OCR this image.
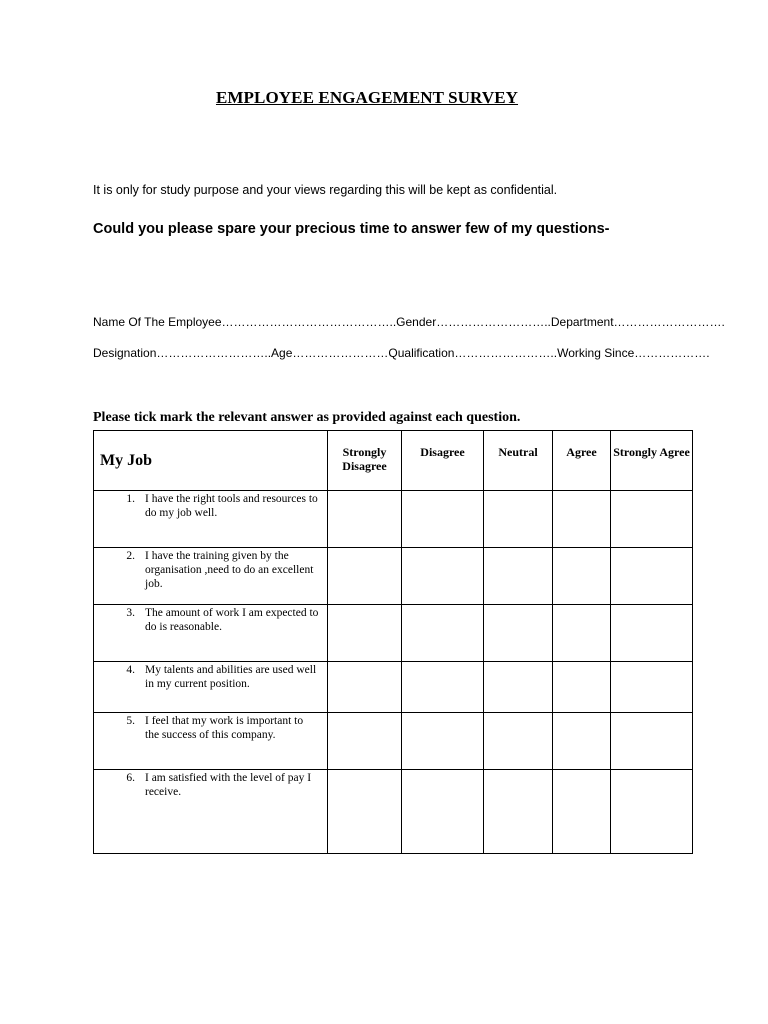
EMPLOYEE ENGAGEMENT SURVEY
It is only for study purpose and your views regarding this will be kept as confidential.
Could you please spare your precious time to answer few of my questions-
Name Of The Employee……………………………………..Gender………………………..Department……………………….
Designation………………………..Age……………………Qualification……………………..Working Since……………….
Please tick mark the relevant answer as provided against each question.
My Job	Strongly Disagree	Disagree	Neutral	Agree	Strongly Agree

1. I have the right tools and resources to do my job well.					

2. I have the training given by the organisation ,need to do an excellent job.					

3. The amount of work I am expected to do is reasonable.					

4. My talents and abilities are used well in my current position.					

5. I feel that my work is important to the success of this company.					

6. I am satisfied with the level of pay I receive.					
